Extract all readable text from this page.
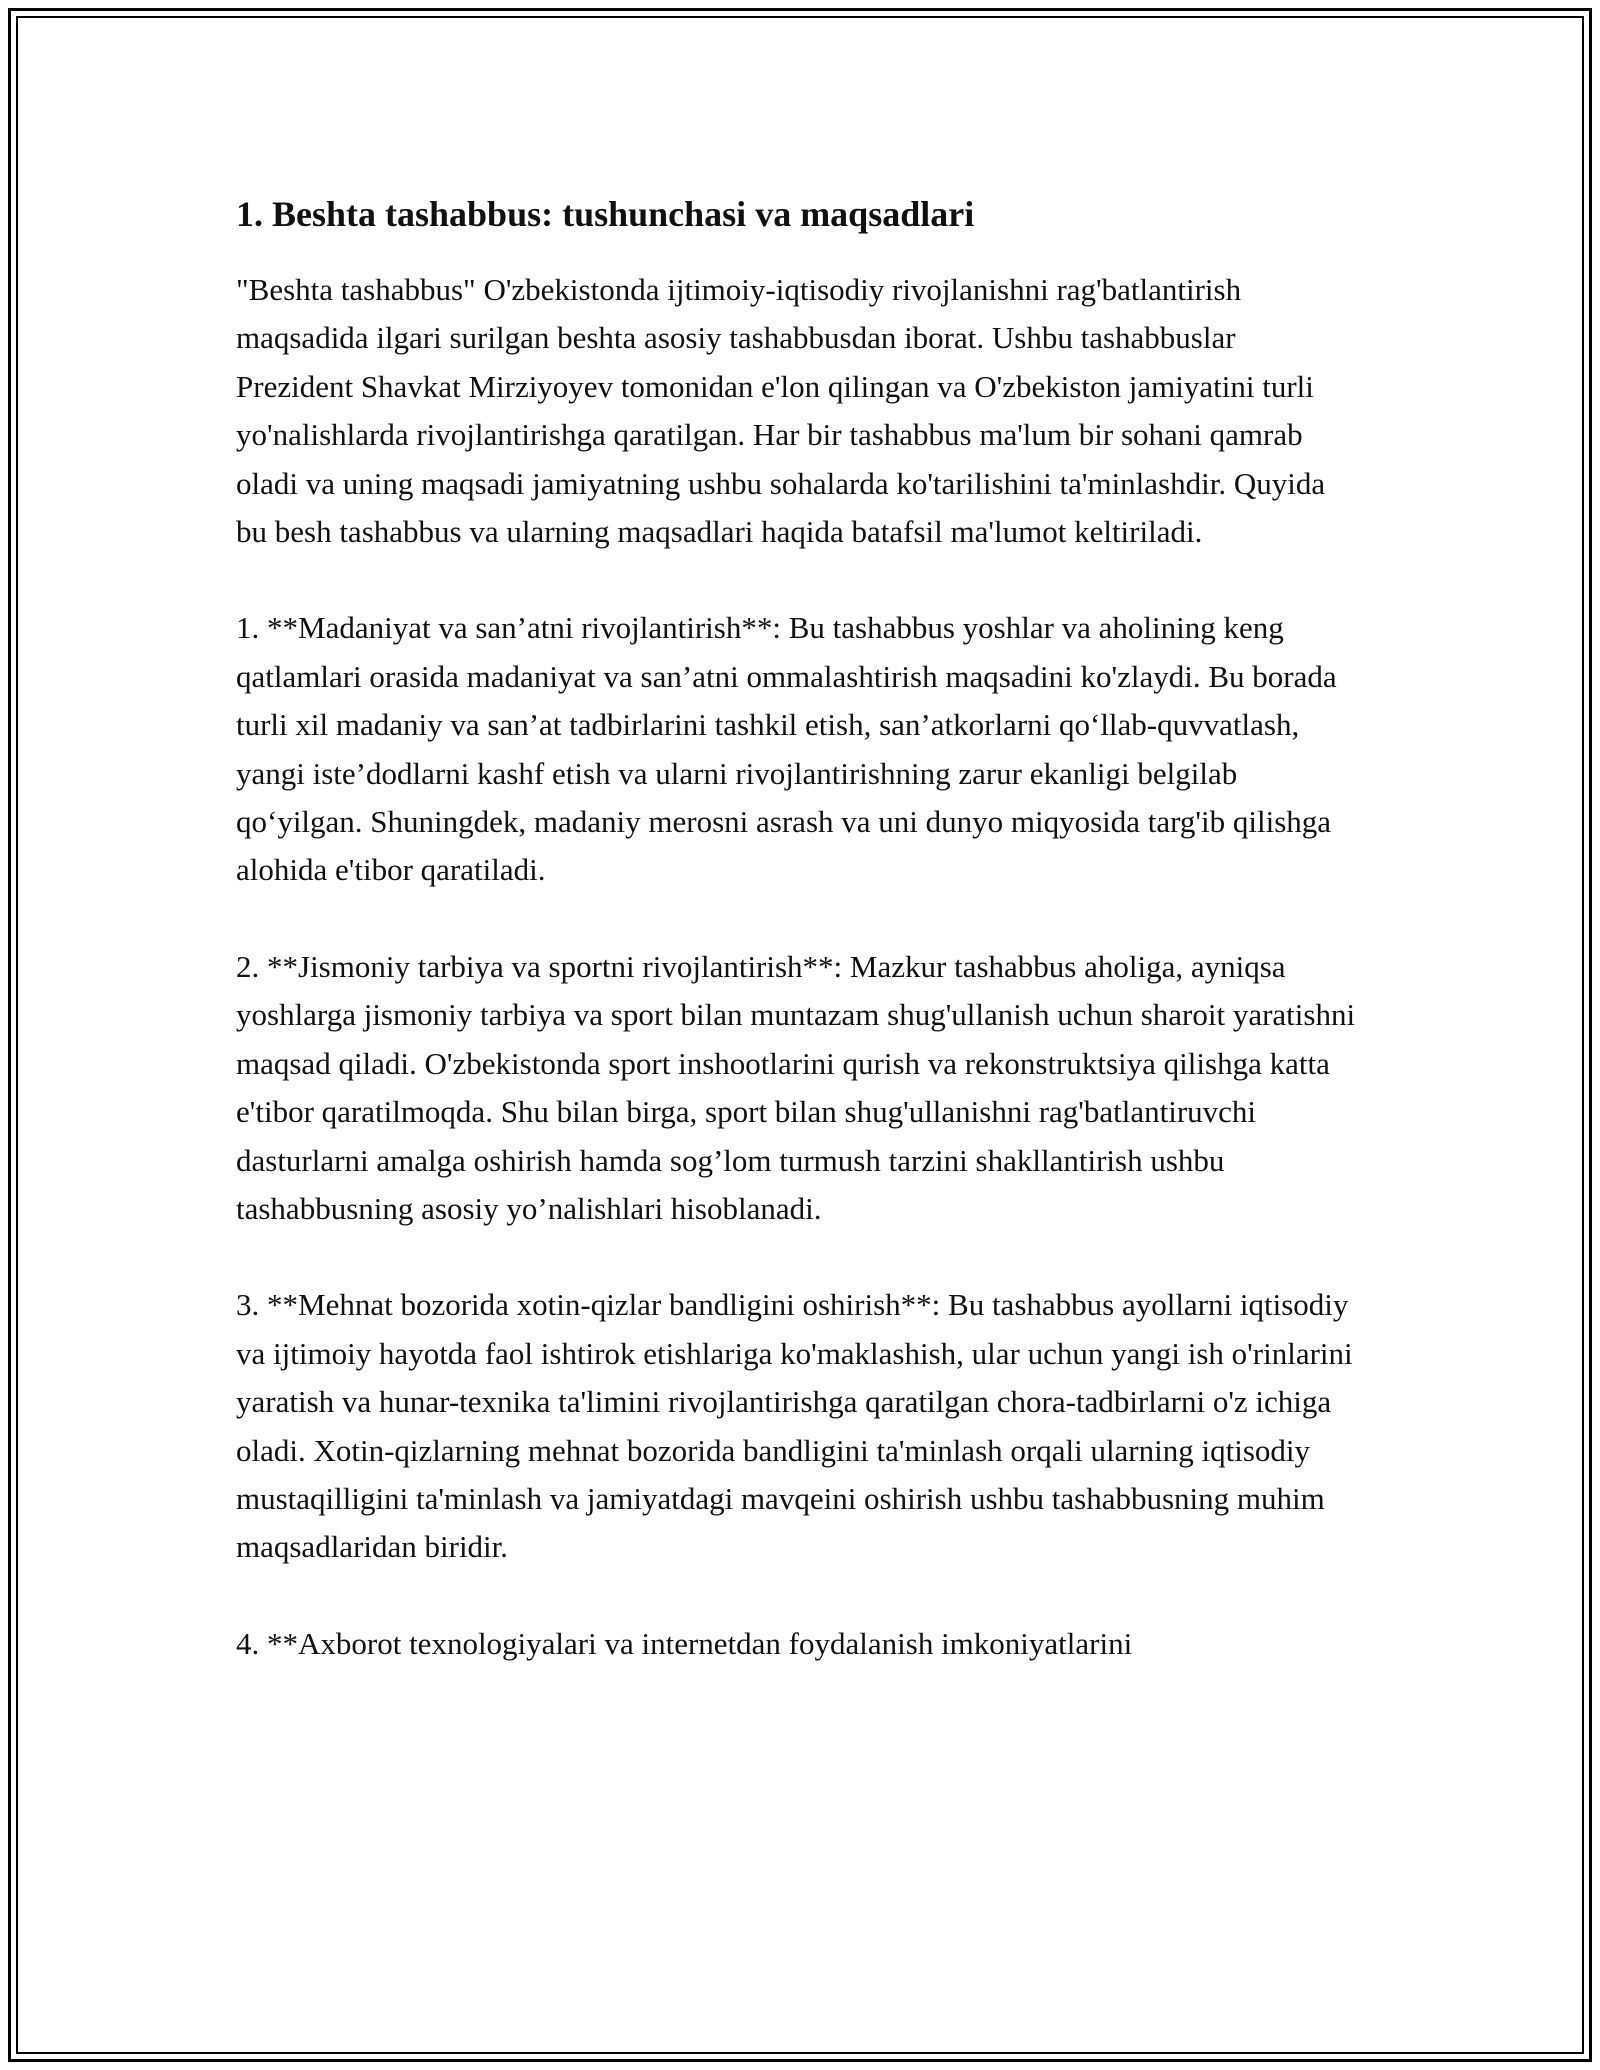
1. Beshta tashabbus: tushunchasi va maqsadlari

"Beshta tashabbus" O'zbekistonda ijtimoiy-iqtisodiy rivojlanishni rag'batlantirish maqsadida ilgari surilgan beshta asosiy tashabbusdan iborat. Ushbu tashabbuslar Prezident Shavkat Mirziyoyev tomonidan e'lon qilingan va O'zbekiston jamiyatini turli yo'nalishlarda rivojlantirishga qaratilgan. Har bir tashabbus ma'lum bir sohani qamrab oladi va uning maqsadi jamiyatning ushbu sohalarda ko'tarilishini ta'minlashdir. Quyida bu besh tashabbus va ularning maqsadlari haqida batafsil ma'lumot keltiriladi.

1. **Madaniyat va san’atni rivojlantirish**: Bu tashabbus yoshlar va aholining keng qatlamlari orasida madaniyat va san’atni ommalashtirish maqsadini ko'zlaydi. Bu borada turli xil madaniy va san’at tadbirlarini tashkil etish, san’atkorlarni qo‘llab-quvvatlash, yangi iste’dodlarni kashf etish va ularni rivojlantirishning zarur ekanligi belgilab qo‘yilgan. Shuningdek, madaniy merosni asrash va uni dunyo miqyosida targ'ib qilishga alohida e'tibor qaratiladi.

2. **Jismoniy tarbiya va sportni rivojlantirish**: Mazkur tashabbus aholiga, ayniqsa yoshlarga jismoniy tarbiya va sport bilan muntazam shug'ullanish uchun sharoit yaratishni maqsad qiladi. O'zbekistonda sport inshootlarini qurish va rekonstruktsiya qilishga katta e'tibor qaratilmoqda. Shu bilan birga, sport bilan shug'ullanishni rag'batlantiruvchi dasturlarni amalga oshirish hamda sog’lom turmush tarzini shakllantirish ushbu tashabbusning asosiy yo’nalishlari hisoblanadi.

3. **Mehnat bozorida xotin-qizlar bandligini oshirish**: Bu tashabbus ayollarni iqtisodiy va ijtimoiy hayotda faol ishtirok etishlariga ko'maklashish, ular uchun yangi ish o'rinlarini yaratish va hunar-texnika ta'limini rivojlantirishga qaratilgan chora-tadbirlarni o'z ichiga oladi. Xotin-qizlarning mehnat bozorida bandligini ta'minlash orqali ularning iqtisodiy mustaqilligini ta'minlash va jamiyatdagi mavqeini oshirish ushbu tashabbusning muhim maqsadlaridan biridir.

4. **Axborot texnologiyalari va internetdan foydalanish imkoniyatlarini
